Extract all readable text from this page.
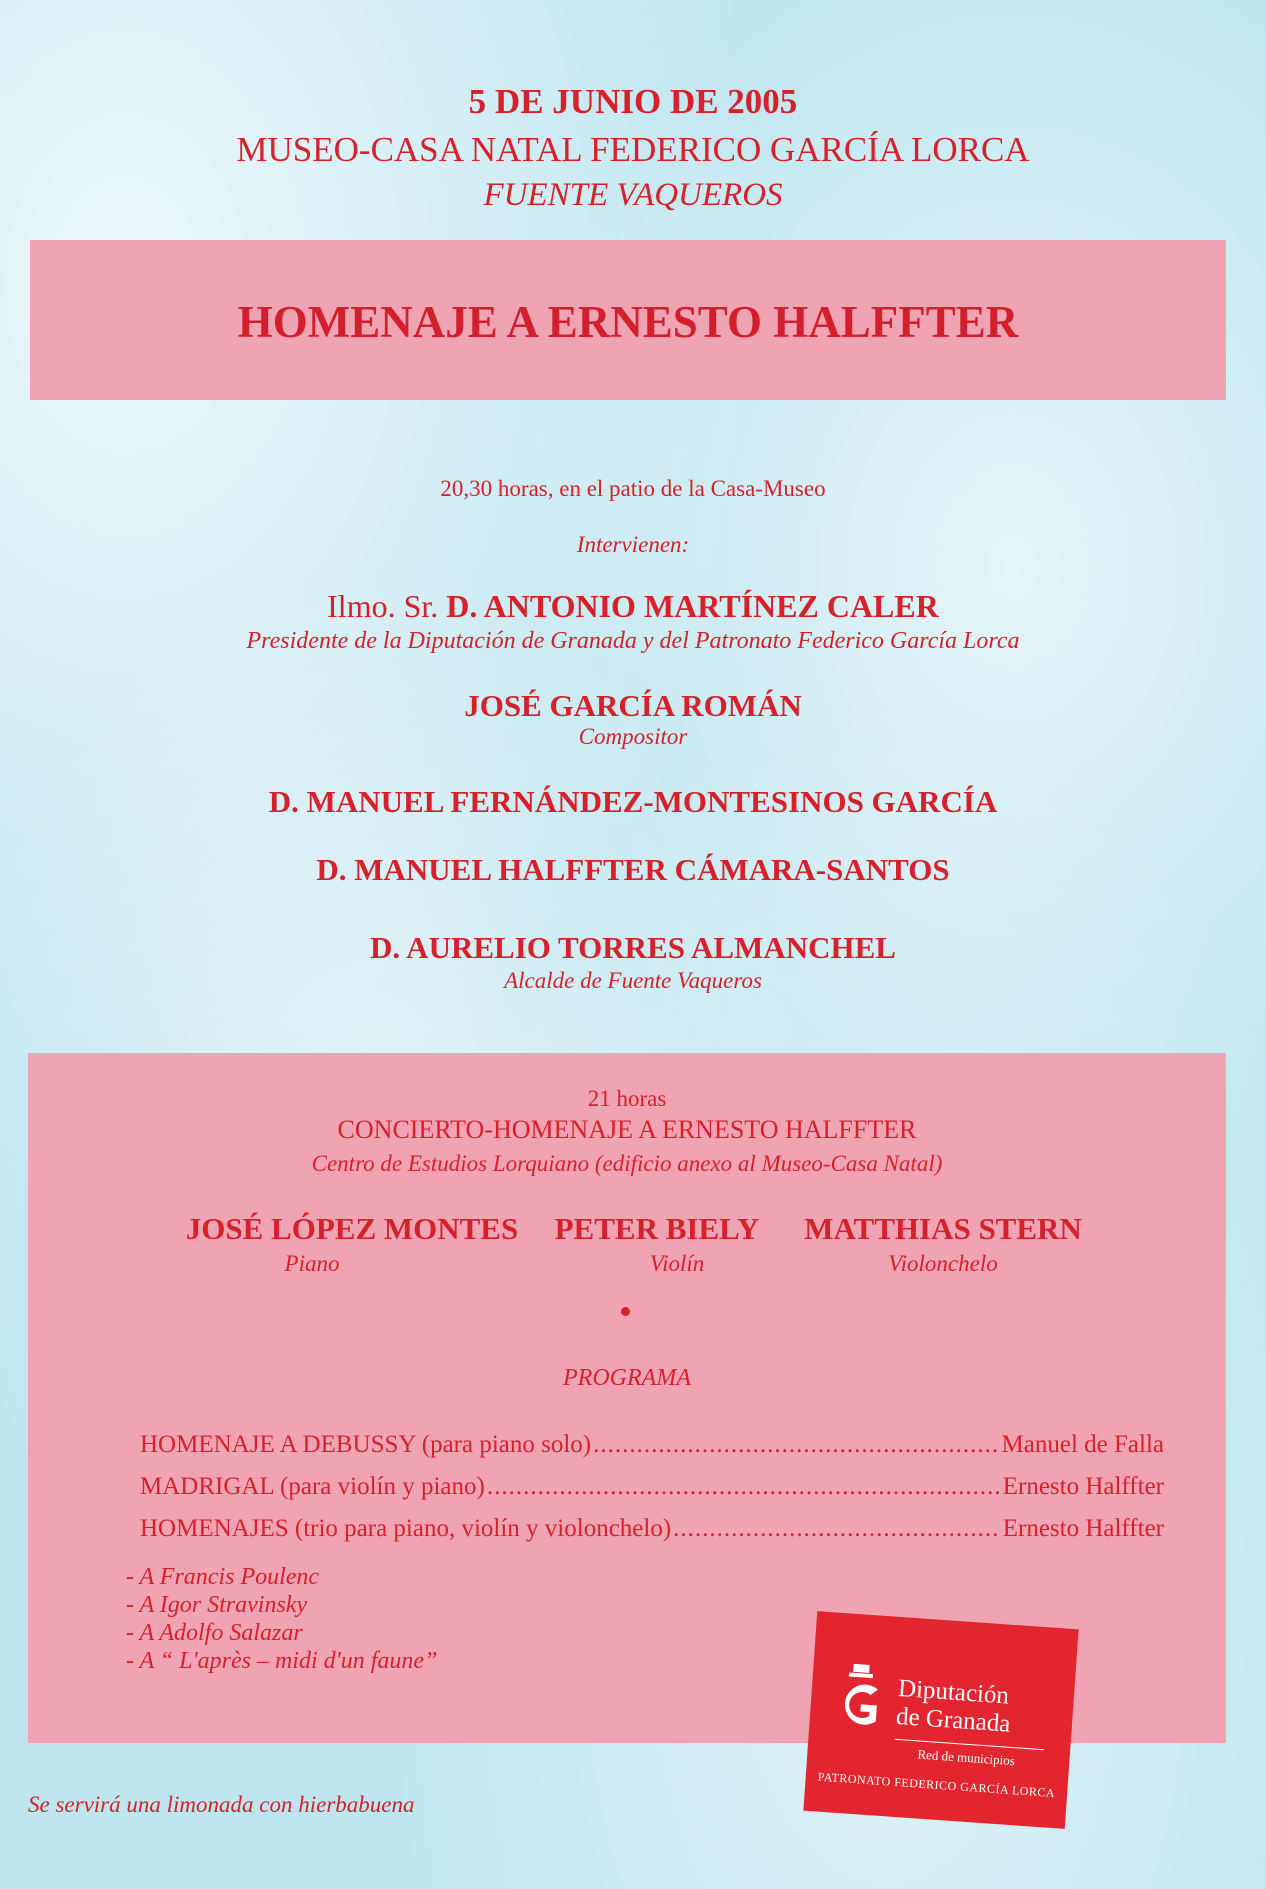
5 DE JUNIO DE 2005
MUSEO-CASA NATAL FEDERICO GARCÍA LORCA
FUENTE VAQUEROS
HOMENAJE A ERNESTO HALFFTER
20,30 horas, en el patio de la Casa-Museo
Intervienen:
Ilmo. Sr. D. ANTONIO MARTÍNEZ CALER
Presidente de la Diputación de Granada y del Patronato Federico García Lorca
JOSÉ GARCÍA ROMÁN
Compositor
D. MANUEL FERNÁNDEZ-MONTESINOS GARCÍA
D. MANUEL HALFFTER CÁMARA-SANTOS
D. AURELIO TORRES ALMANCHEL
Alcalde de Fuente Vaqueros
21 horas
CONCIERTO-HOMENAJE A ERNESTO HALFFTER
Centro de Estudios Lorquiano (edificio anexo al Museo-Casa Natal)
JOSÉ LÓPEZ MONTES
Piano
PETER BIELY
Violín
MATTHIAS STERN
Violonchelo
PROGRAMA
HOMENAJE A DEBUSSY (para piano solo) .....	Manuel de Falla
MADRIGAL (para violín y piano) .....	Ernesto Halffter
HOMENAJES (trio para piano, violín y violonchelo) .....	Ernesto Halffter
- A Francis Poulenc
- A Igor Stravinsky
- A Adolfo Salazar
- A “ L'après – midi d'un faune”
Diputación
de Granada
Red de municipios
PATRONATO FEDERICO GARCÍA LORCA
Se servirá una limonada con hierbabuena
